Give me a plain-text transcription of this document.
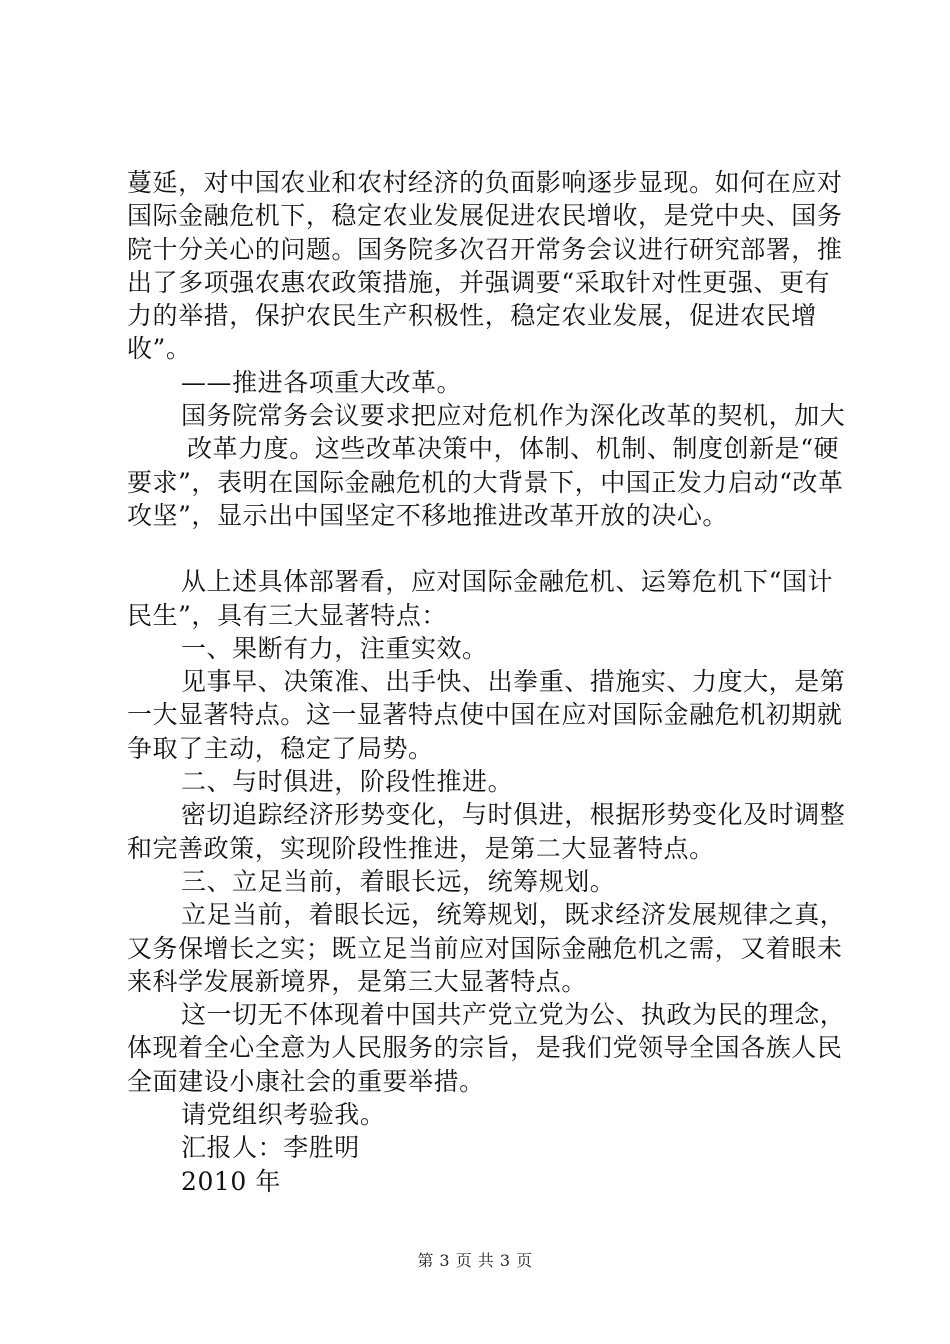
蔓延，对中国农业和农村经济的负面影响逐步显现。如何在应对国际金融危机下，稳定农业发展促进农民增收，是党中央、国务院十分关心的问题。国务院多次召开常务会议进行研究部署，推出了多项强农惠农政策措施，并强调要“采取针对性更强、更有力的举措，保护农民生产积极性，稳定农业发展，促进农民增收”。

——推进各项重大改革。

国务院常务会议要求把应对危机作为深化改革的契机，加大

改革力度。这些改革决策中，体制、机制、制度创新是“硬要求”，表明在国际金融危机的大背景下，中国正发力启动“改革攻坚”，显示出中国坚定不移地推进改革开放的决心。

从上述具体部署看，应对国际金融危机、运筹危机下“国计民生”，具有三大显著特点：

一、果断有力，注重实效。

见事早、决策准、出手快、出拳重、措施实、力度大，是第一大显著特点。这一显著特点使中国在应对国际金融危机初期就争取了主动，稳定了局势。

二、与时俱进，阶段性推进。

密切追踪经济形势变化，与时俱进，根据形势变化及时调整和完善政策，实现阶段性推进，是第二大显著特点。

三、立足当前，着眼长远，统筹规划。

立足当前，着眼长远，统筹规划，既求经济发展规律之真，又务保增长之实；既立足当前应对国际金融危机之需，又着眼未来科学发展新境界，是第三大显著特点。

这一切无不体现着中国共产党立党为公、执政为民的理念，体现着全心全意为人民服务的宗旨，是我们党领导全国各族人民全面建设小康社会的重要举措。

请党组织考验我。

汇报人：李胜明

2010 年

第 3 页 共 3 页
